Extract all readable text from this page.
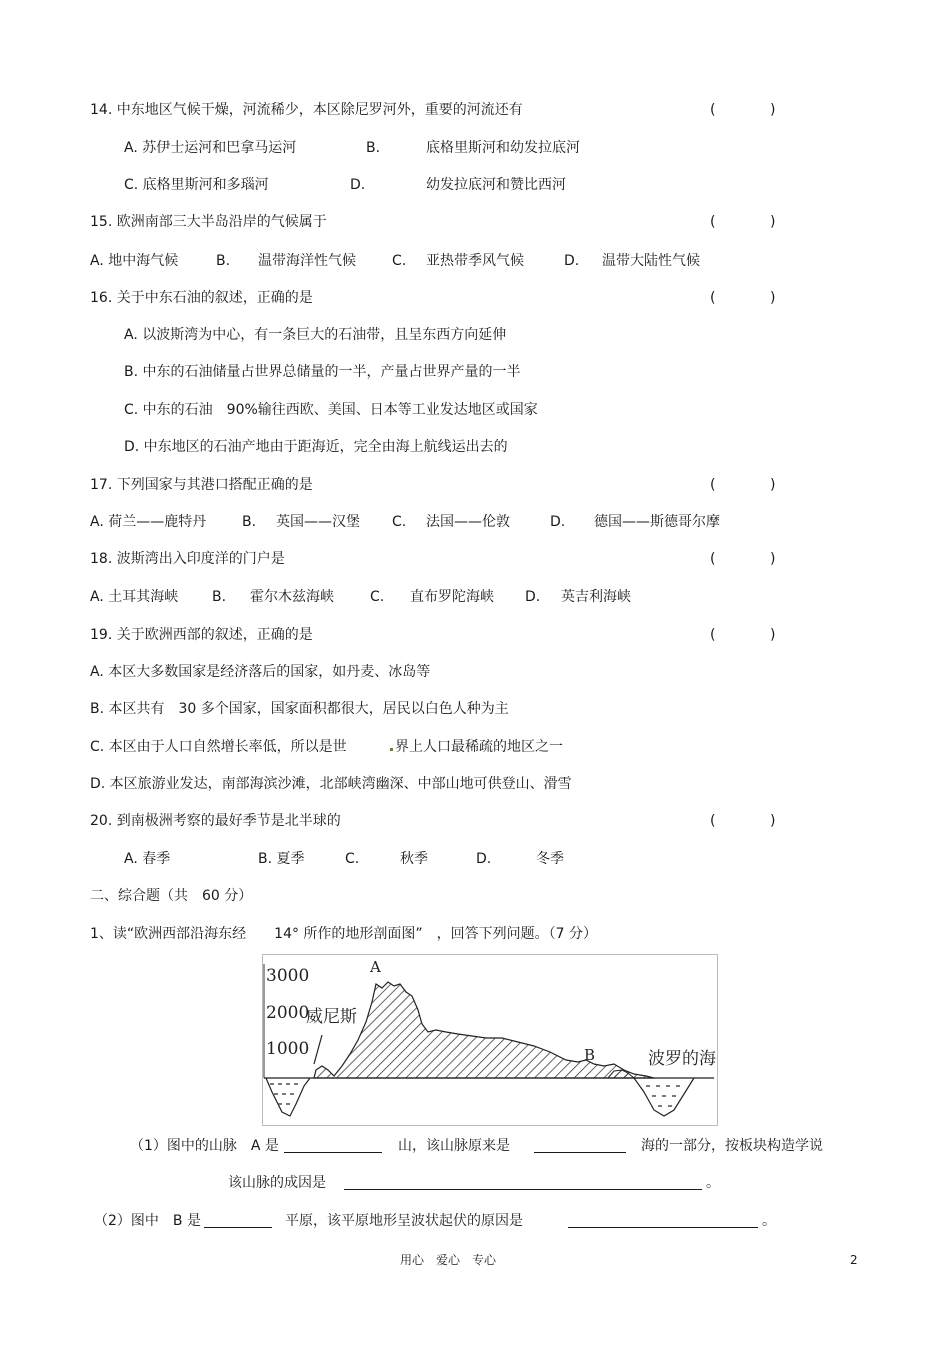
14. 中东地区气候干燥，河流稀少，本区除尼罗河外，重要的河流还有	(	)
A. 苏伊士运河和巴拿马运河	B.	底格里斯河和幼发拉底河
C. 底格里斯河和多瑙河	D.	幼发拉底河和赞比西河
15. 欧洲南部三大半岛沿岸的气候属于	(	)
A. 地中海气候	B. 温带海洋性气候	C. 亚热带季风气候	D. 温带大陆性气候
16. 关于中东石油的叙述，正确的是	(	)
A. 以波斯湾为中心，有一条巨大的石油带，且呈东西方向延伸
B. 中东的石油储量占世界总储量的一半，产量占世界产量的一半
C. 中东的石油　90%输往西欧、美国、日本等工业发达地区或国家
D. 中东地区的石油产地由于距海近，完全由海上航线运出去的
17. 下列国家与其港口搭配正确的是	(	)
A. 荷兰——鹿特丹	B. 英国——汉堡 C. 法国——伦敦	D. 德国——斯德哥尔摩
18. 波斯湾出入印度洋的门户是	(	)
A. 土耳其海峡 B. 霍尔木兹海峡	C. 直布罗陀海峡 D. 英吉利海峡
19. 关于欧洲西部的叙述，正确的是	(	)
A. 本区大多数国家是经济落后的国家，如丹麦、冰岛等
B. 本区共有　30 多个国家，国家面积都很大，居民以白色人种为主
C. 本区由于人口自然增长率低，所以是世	界上人口最稀疏的地区之一
D. 本区旅游业发达，南部海滨沙滩，北部峡湾幽深、中部山地可供登山、滑雪
20. 到南极洲考察的最好季节是北半球的	(	)
A. 春季	B. 夏季	C.	秋季	D.	冬季
二、综合题（共　60 分）
1、读“欧洲西部沿海东经　　14° 所作的地形剖面图”　，回答下列问题。（7 分）
3000
2000
1000
A
B
威尼斯
波罗的海
（1）图中的山脉　A 是	山，该山脉原来是	海的一部分，按板块构造学说
该山脉的成因是	。
（2）图中　B 是	平原，该平原地形呈波状起伏的原因是	。
用心　爱心　专心	2
